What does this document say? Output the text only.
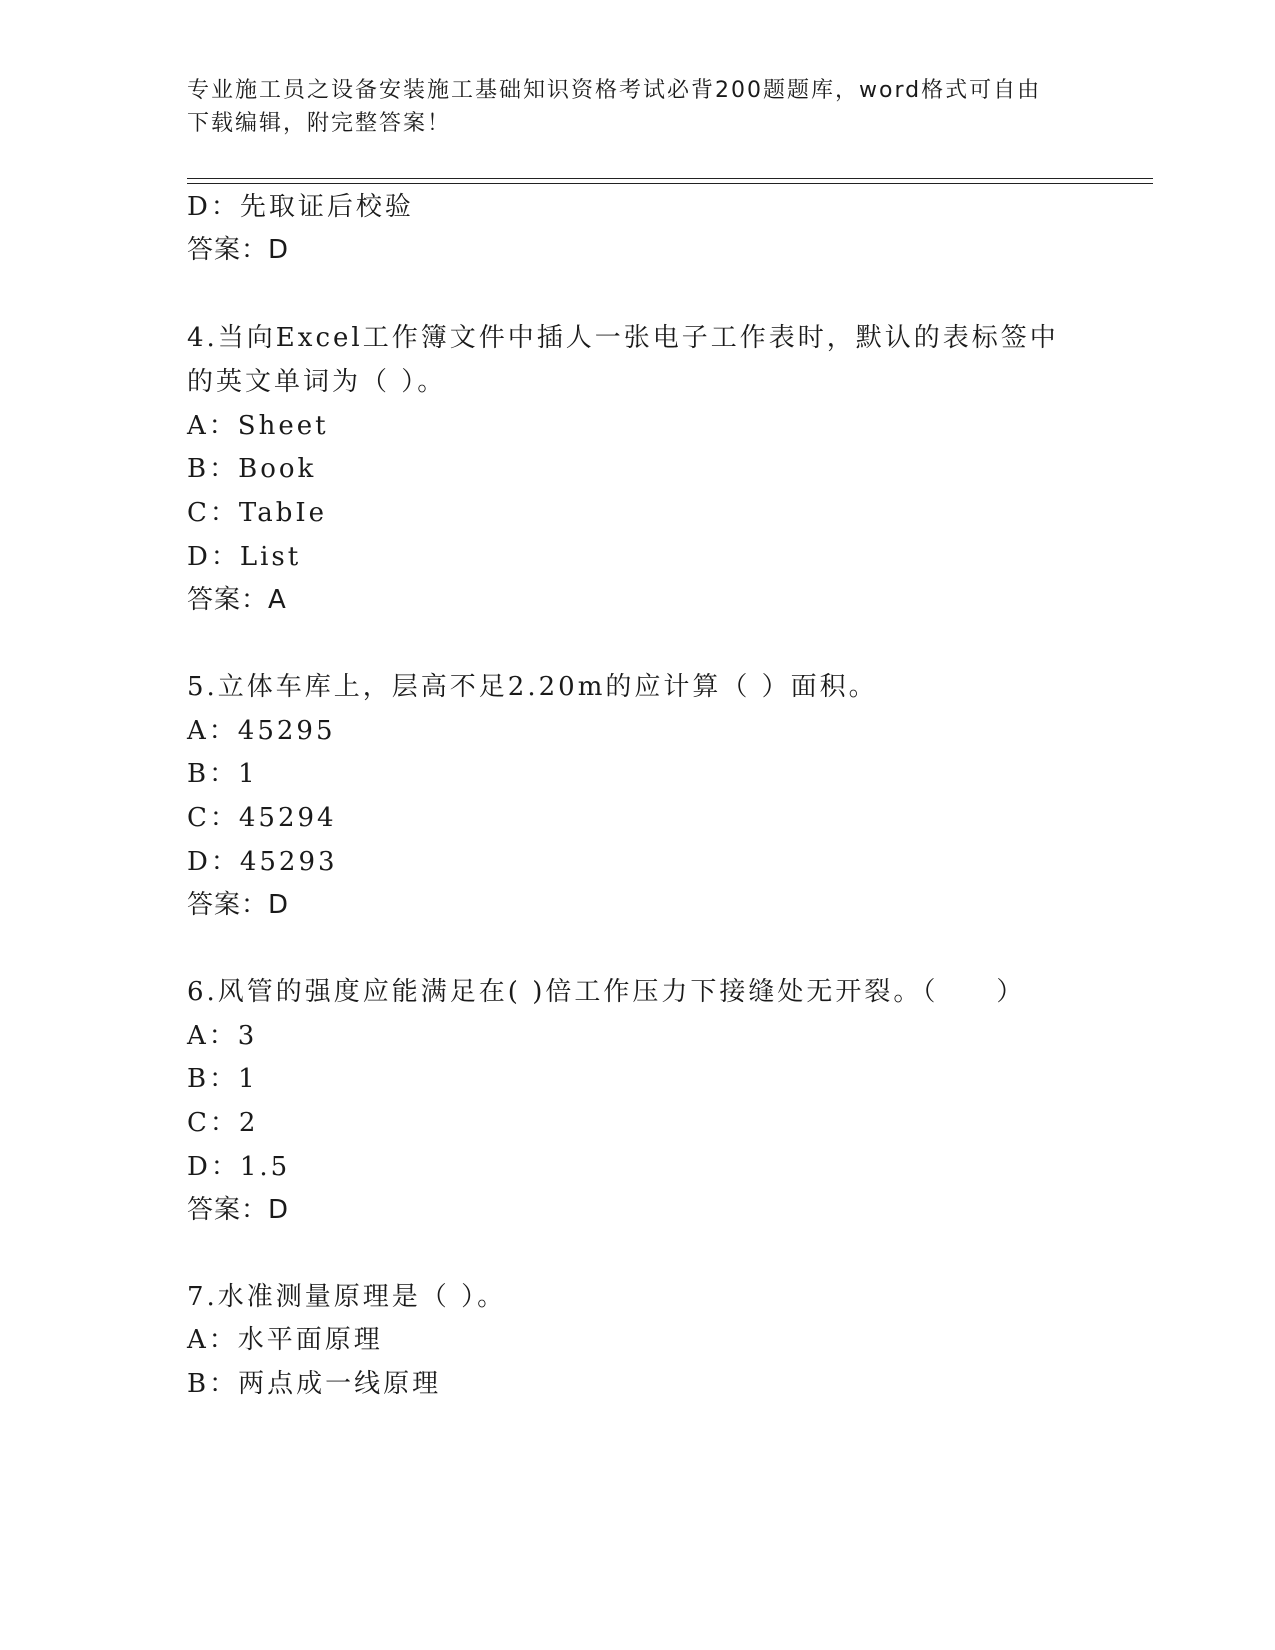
专业施工员之设备安装施工基础知识资格考试必背200题题库，word格式可自由
下载编辑，附完整答案！
D：先取证后校验
答案：D
4.当向Excel工作簿文件中插人一张电子工作表时，默认的表标签中
的英文单词为（ ）。
A：Sheet
B：Book
C：TabIe
D：List
答案：A
5.立体车库上，层高不足2.20m的应计算（ ）面积。
A：45295
B：1
C：45294
D：45293
答案：D
6.风管的强度应能满足在( )倍工作压力下接缝处无开裂。（　　）
A：3
B：1
C：2
D：1.5
答案：D
7.水准测量原理是（ ）。
A：水平面原理
B：两点成一线原理
